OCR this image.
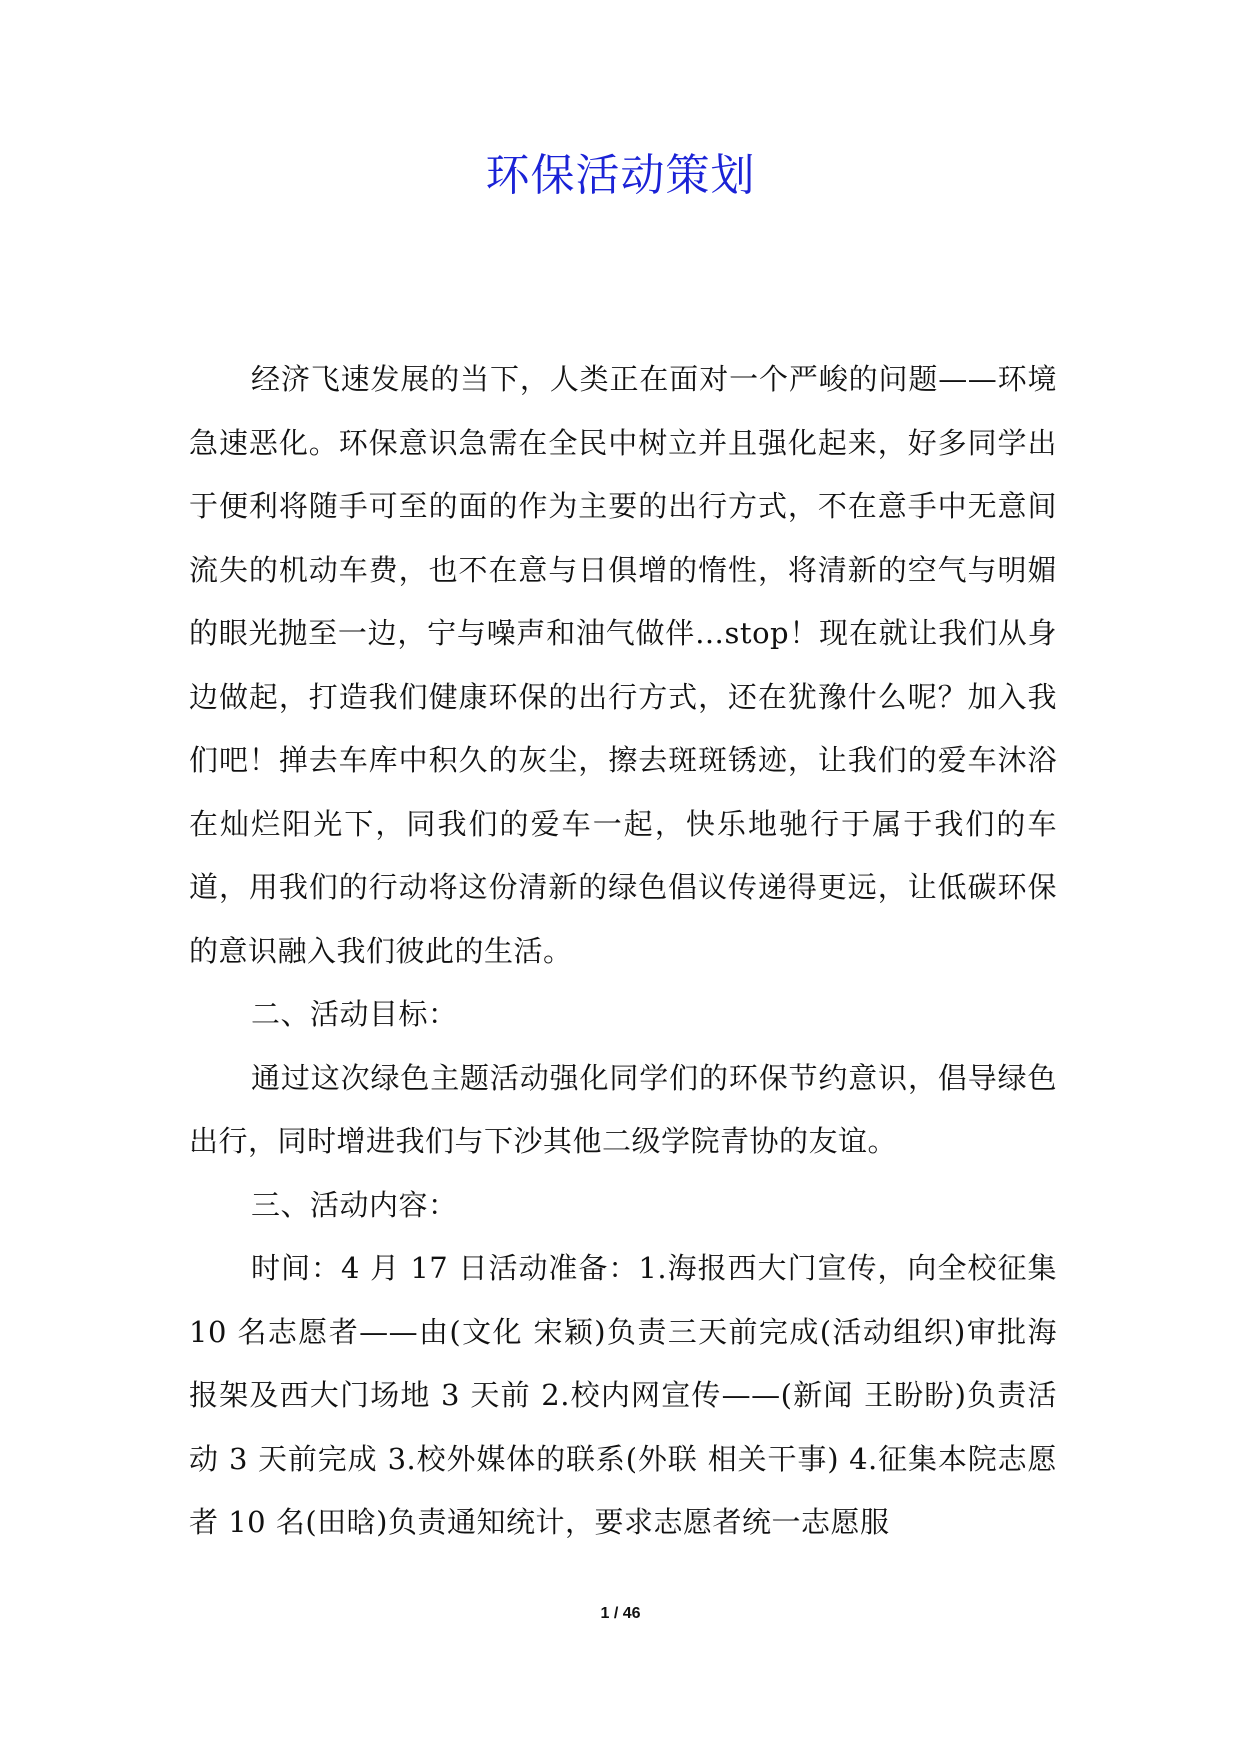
环保活动策划

经济飞速发展的当下，人类正在面对一个严峻的问题——环境急速恶化。环保意识急需在全民中树立并且强化起来，好多同学出于便利将随手可至的面的作为主要的出行方式，不在意手中无意间流失的机动车费，也不在意与日俱增的惰性，将清新的空气与明媚的眼光抛至一边，宁与噪声和油气做伴…stop！现在就让我们从身边做起，打造我们健康环保的出行方式，还在犹豫什么呢？加入我们吧！掸去车库中积久的灰尘，擦去斑斑锈迹，让我们的爱车沐浴在灿烂阳光下，同我们的爱车一起，快乐地驰行于属于我们的车道，用我们的行动将这份清新的绿色倡议传递得更远，让低碳环保的意识融入我们彼此的生活。

二、活动目标：

通过这次绿色主题活动强化同学们的环保节约意识，倡导绿色出行，同时增进我们与下沙其他二级学院青协的友谊。

三、活动内容：

时间：4 月 17 日活动准备：1.海报西大门宣传，向全校征集 10 名志愿者——由(文化 宋颖)负责三天前完成(活动组织)审批海报架及西大门场地 3 天前 2.校内网宣传——(新闻 王盼盼)负责活动 3 天前完成 3.校外媒体的联系(外联 相关干事) 4.征集本院志愿者 10 名(田晗)负责通知统计，要求志愿者统一志愿服

1 / 46
